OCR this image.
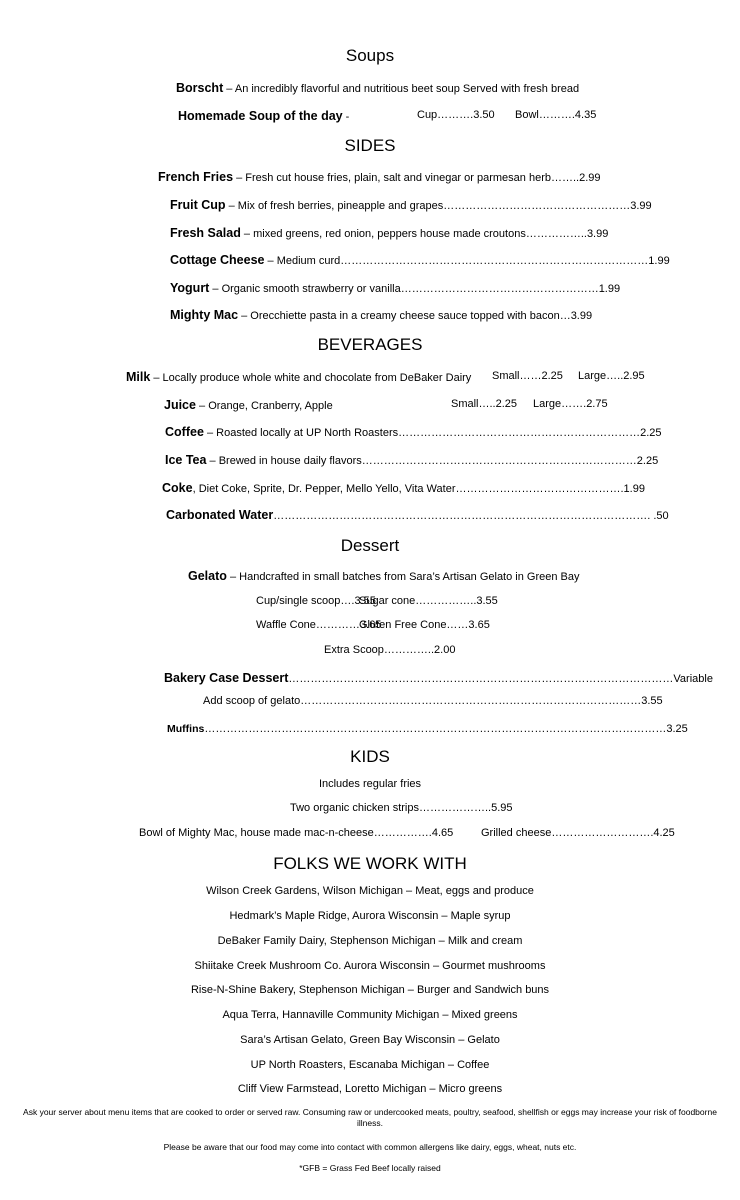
Soups
Borscht – An incredibly flavorful and nutritious beet soup Served with fresh bread
Homemade Soup of the day -	Cup……….3.50 Bowl……….4.35
SIDES
French Fries – Fresh cut house fries, plain, salt and vinegar or parmesan herb……..2.99
Fruit Cup – Mix of fresh berries, pineapple and grapes……………………………………………3.99
Fresh Salad – mixed greens, red onion, peppers house made croutons……………..3.99
Cottage Cheese – Medium curd…………………………………………………………………………1.99
Yogurt – Organic smooth strawberry or vanilla………………………………………………1.99
Mighty Mac – Orecchiette pasta in a creamy cheese sauce topped with bacon…3.99
BEVERAGES
Milk – Locally produce whole white and chocolate from DeBaker Dairy Small……2.25 Large…..2.95
Juice – Orange, Cranberry, Apple	Small…..2.25 Large…….2.75
Coffee – Roasted locally at UP North Roasters…………………………………………………………2.25
Ice Tea – Brewed in house daily flavors…………………………………………………………………2.25
Coke, Diet Coke, Sprite, Dr. Pepper, Mello Yello, Vita Water……………………………………….1.99
Carbonated Water…………………………………………………………………………………………. .50
Dessert
Gelato – Handcrafted in small batches from Sara’s Artisan Gelato in Green Bay
Cup/single scoop….3.55
Sugar cone……………..3.55
Waffle Cone…………3.65
Gluten Free Cone……3.65
Extra Scoop…………..2.00
Bakery Case Dessert……………………………………………………………………………………………Variable
Add scoop of gelato…………………………………………………………………………………3.55
Muffins………………………………………………………………………………………………………………3.25
KIDS
Includes regular fries
Two organic chicken strips………………..5.95
Bowl of Mighty Mac, house made mac-n-cheese…………….4.65	Grilled cheese……………………….4.25
FOLKS WE WORK WITH
Wilson Creek Gardens, Wilson Michigan – Meat, eggs and produce
Hedmark’s Maple Ridge, Aurora Wisconsin – Maple syrup
DeBaker Family Dairy, Stephenson Michigan – Milk and cream
Shiitake Creek Mushroom Co. Aurora Wisconsin – Gourmet mushrooms
Rise-N-Shine Bakery, Stephenson Michigan – Burger and Sandwich buns
Aqua Terra, Hannaville Community Michigan – Mixed greens
Sara’s Artisan Gelato, Green Bay Wisconsin – Gelato
UP North Roasters, Escanaba Michigan – Coffee
Cliff View Farmstead, Loretto Michigan – Micro greens
Ask your server about menu items that are cooked to order or served raw. Consuming raw or undercooked meats, poultry, seafood, shellfish or eggs may increase your risk of foodborne illness.
Please be aware that our food may come into contact with common allergens like dairy, eggs, wheat, nuts etc.
*GFB = Grass Fed Beef locally raised
